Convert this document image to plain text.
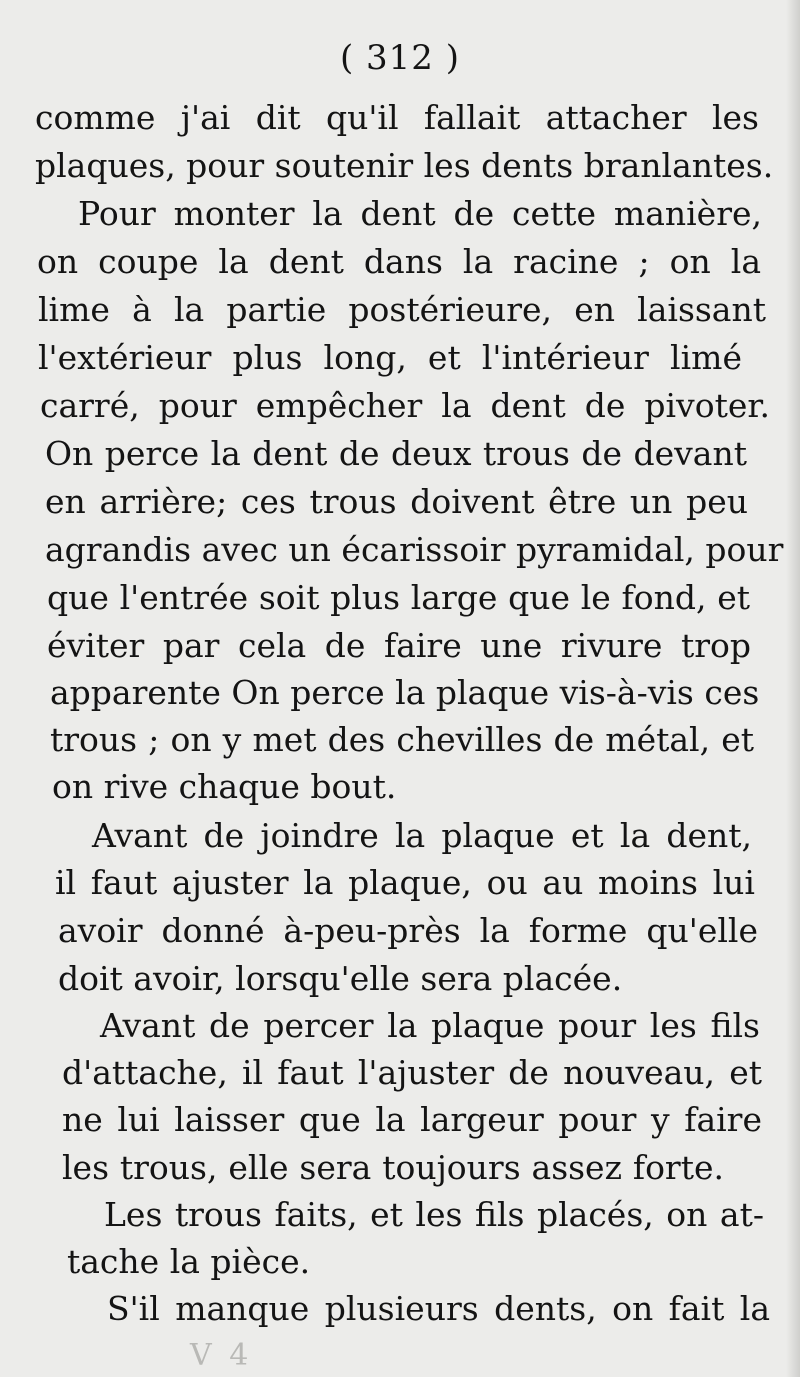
( 312 )
comme j'ai dit qu'il fallait attacher les
plaques, pour soutenir les dents branlantes.
Pour monter la dent de cette manière,
on coupe la dent dans la racine ; on la
lime à la partie postérieure, en laissant
l'extérieur plus long, et l'intérieur limé
carré, pour empêcher la dent de pivoter.
On perce la dent de deux trous de devant
en arrière; ces trous doivent être un peu
agrandis avec un écarissoir pyramidal, pour
que l'entrée soit plus large que le fond, et
éviter par cela de faire une rivure trop
apparente On perce la plaque vis-à-vis ces
trous ; on y met des chevilles de métal, et
on rive chaque bout.
Avant de joindre la plaque et la dent,
il faut ajuster la plaque, ou au moins lui
avoir donné à-peu-près la forme qu'elle
doit avoir, lorsqu'elle sera placée.
Avant de percer la plaque pour les fils
d'attache, il faut l'ajuster de nouveau, et
ne lui laisser que la largeur pour y faire
les trous, elle sera toujours assez forte.
Les trous faits, et les fils placés, on at-
tache la pièce.
S'il manque plusieurs dents, on fait la
V 4
